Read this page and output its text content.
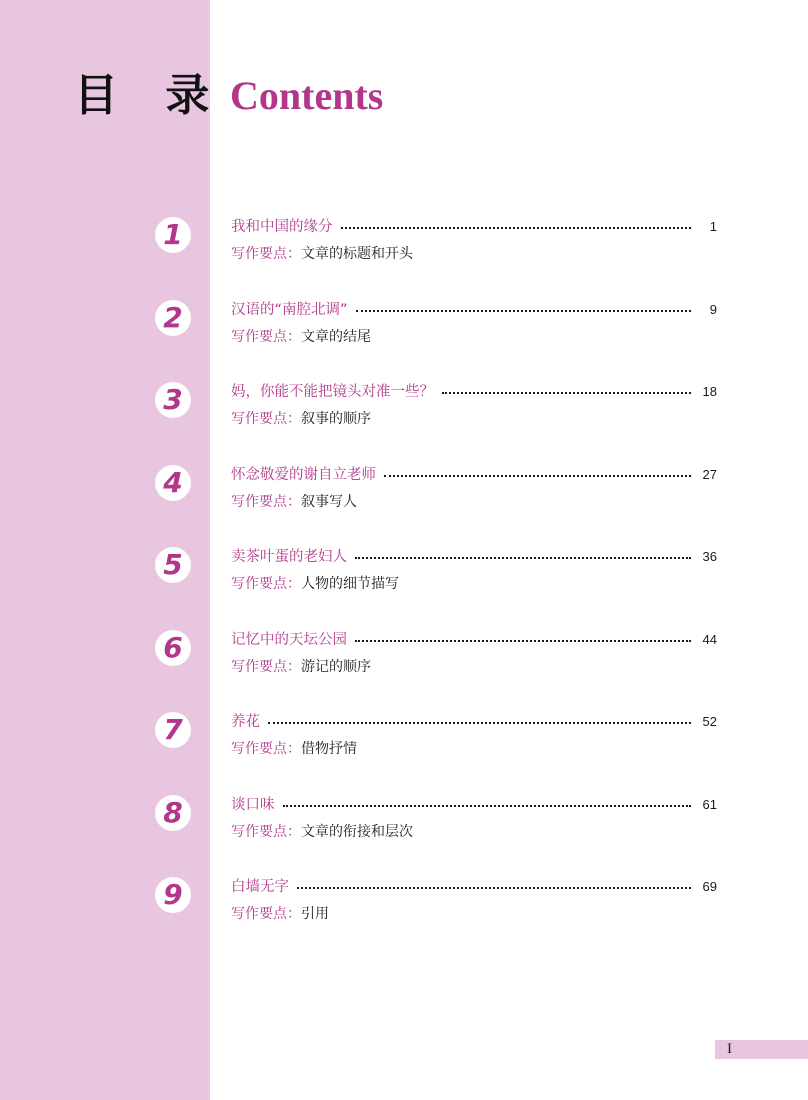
目 录 Contents
1	我和中国的缘分	1
写作要点：文章的标题和开头
2	汉语的“南腔北调”	9
写作要点：文章的结尾
3	妈，你能不能把镜头对准一些？	18
写作要点：叙事的顺序
4	怀念敬爱的谢自立老师	27
写作要点：叙事写人
5	卖茶叶蛋的老妇人	36
写作要点：人物的细节描写
6	记忆中的天坛公园	44
写作要点：游记的顺序
7	养花	52
写作要点：借物抒情
8	谈口味	61
写作要点：文章的衔接和层次
9	白墙无字	69
写作要点：引用
I
